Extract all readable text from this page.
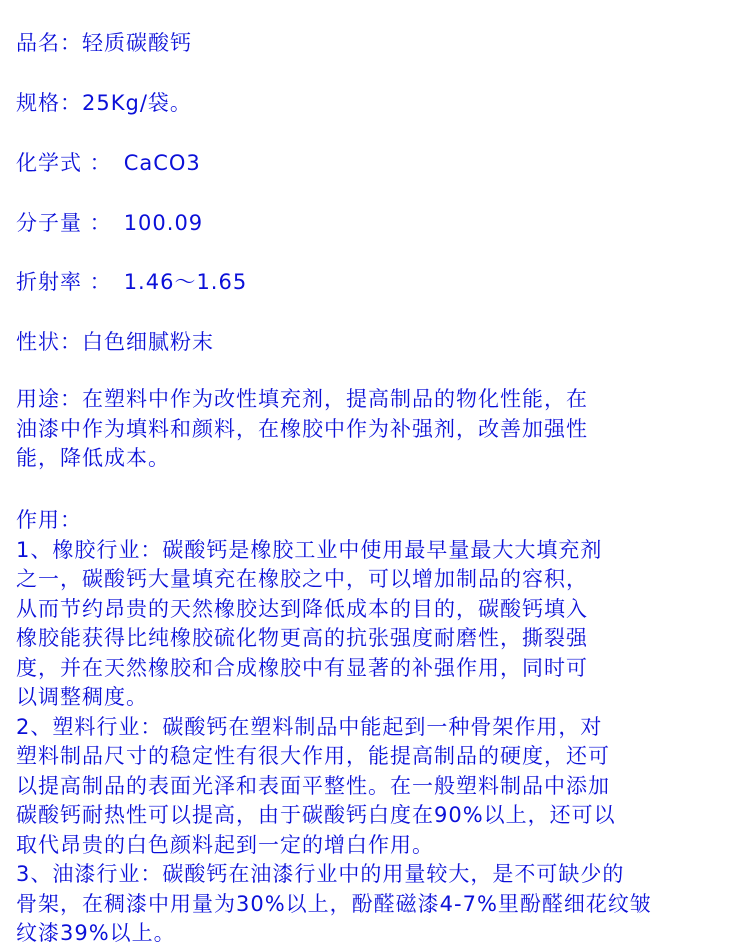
品名：轻质碳酸钙
规格：25Kg/袋。
化学式 ：CaCO3
分子量 ：100.09
折射率 ：1.46～1.65
性状：白色细腻粉末
用途：在塑料中作为改性填充剂，提高制品的物化性能，在
油漆中作为填料和颜料，在橡胶中作为补强剂，改善加强性
能，降低成本。
作用：
1、橡胶行业：碳酸钙是橡胶工业中使用最早量最大大填充剂
之一，碳酸钙大量填充在橡胶之中，可以增加制品的容积，
从而节约昂贵的天然橡胶达到降低成本的目的，碳酸钙填入
橡胶能获得比纯橡胶硫化物更高的抗张强度耐磨性，撕裂强
度，并在天然橡胶和合成橡胶中有显著的补强作用，同时可
以调整稠度。
2、塑料行业：碳酸钙在塑料制品中能起到一种骨架作用，对
塑料制品尺寸的稳定性有很大作用，能提高制品的硬度，还可
以提高制品的表面光泽和表面平整性。在一般塑料制品中添加
碳酸钙耐热性可以提高，由于碳酸钙白度在90%以上，还可以
取代昂贵的白色颜料起到一定的增白作用。
3、油漆行业：碳酸钙在油漆行业中的用量较大，是不可缺少的
骨架，在稠漆中用量为30%以上，酚醛磁漆4-7%里酚醛细花纹皱
纹漆39%以上。
